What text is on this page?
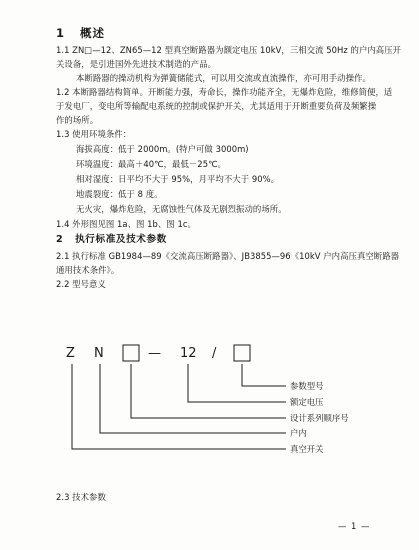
1 概述
1.1 ZN□—12、ZN65—12 型真空断路器为额定电压 10kV，三相交流 50Hz 的户内高压开
关设备，是引进国外先进技术制造的产品。
本断路器的操动机构为弹簧储能式，可以用交流或直流操作，亦可用手动操作。
1.2 本断路器结构简单。开断能力强，寿命长，操作功能齐全，无爆炸危险，维修简便，适
于发电厂，变电所等输配电系统的控制或保护开关，尤其适用于开断重要负荷及频繁操
作的场所。
1.3 使用环境条件：
海拔高度：低于 2000m。(特户可做 3000m)
环境温度：最高＋40℃，最低－25℃。
相对湿度：日平均不大于 95%，月平均不大于 90%。
地震裂度：低于 8 度。
无火灾，爆炸危险，无腐蚀性气体及无剧烈振动的场所。
1.4 外形图见图 1a、图 1b、图 1c。
2 执行标准及技术参数
2.1 执行标准 GB1984—89《交流高压断路器》、JB3855—96《10kV 户内高压真空断路器
通用技术条件》。
2.2 型号意义
Z N	— 12 /
参数型号
额定电压
设计系列顺序号
户内
真空开关
2.3 技术参数
— 1 —
